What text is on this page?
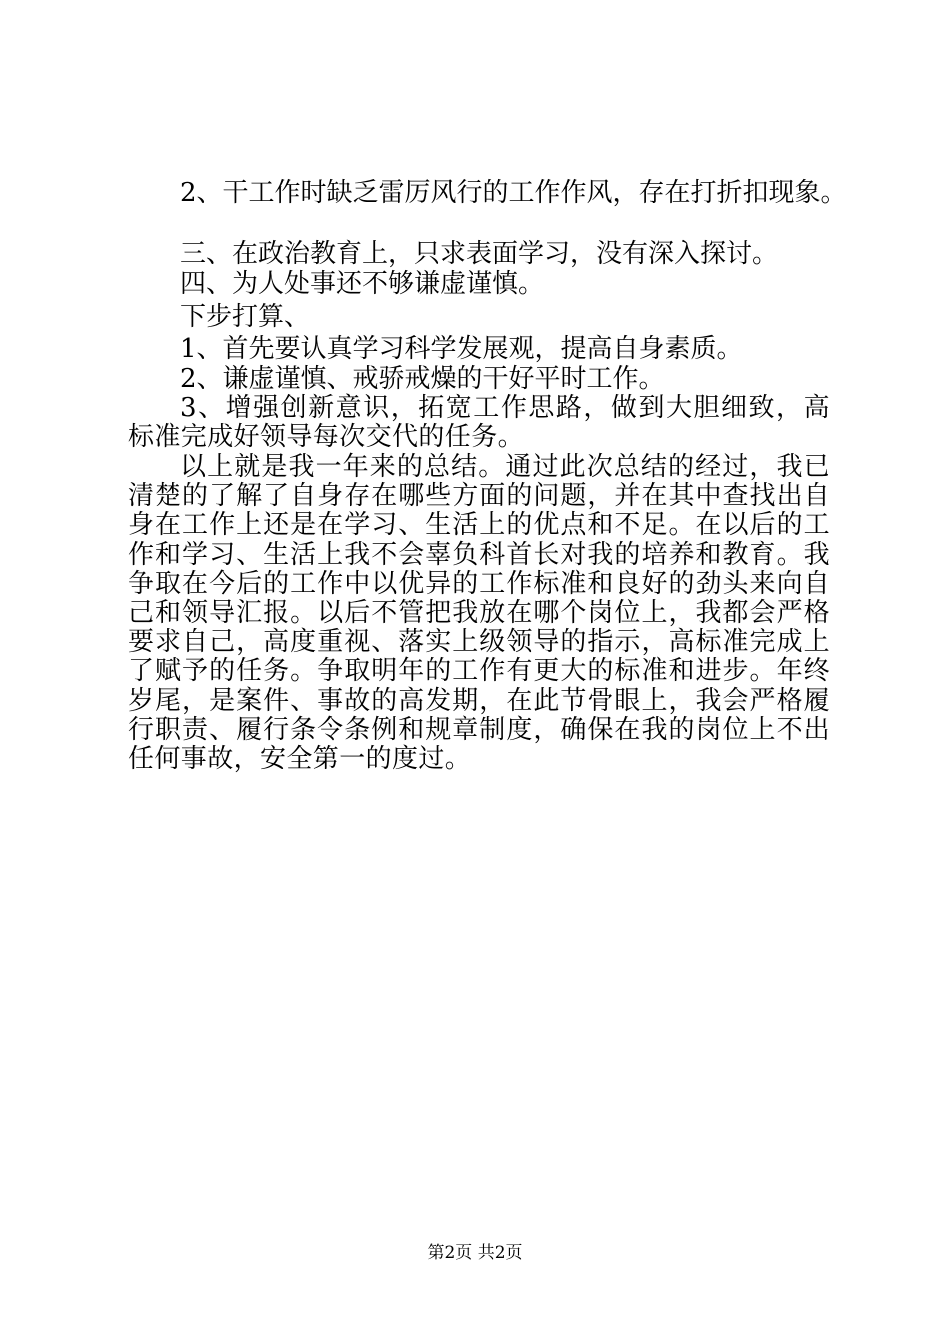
2、干工作时缺乏雷厉风行的工作作风，存在打折扣现象。
三、在政治教育上，只求表面学习，没有深入探讨。
四、为人处事还不够谦虚谨慎。
下步打算、
1、首先要认真学习科学发展观，提高自身素质。
2、谦虚谨慎、戒骄戒燥的干好平时工作。
3、增强创新意识，拓宽工作思路，做到大胆细致，高标准完成好领导每次交代的任务。
以上就是我一年来的总结。通过此次总结的经过，我已清楚的了解了自身存在哪些方面的问题，并在其中查找出自身在工作上还是在学习、生活上的优点和不足。在以后的工作和学习、生活上我不会辜负科首长对我的培养和教育。我争取在今后的工作中以优异的工作标准和良好的劲头来向自己和领导汇报。以后不管把我放在哪个岗位上，我都会严格要求自己，高度重视、落实上级领导的指示，高标准完成上了赋予的任务。争取明年的工作有更大的标准和进步。年终岁尾，是案件、事故的高发期，在此节骨眼上，我会严格履行职责、履行条令条例和规章制度，确保在我的岗位上不出任何事故，安全第一的度过。
第2页 共2页
